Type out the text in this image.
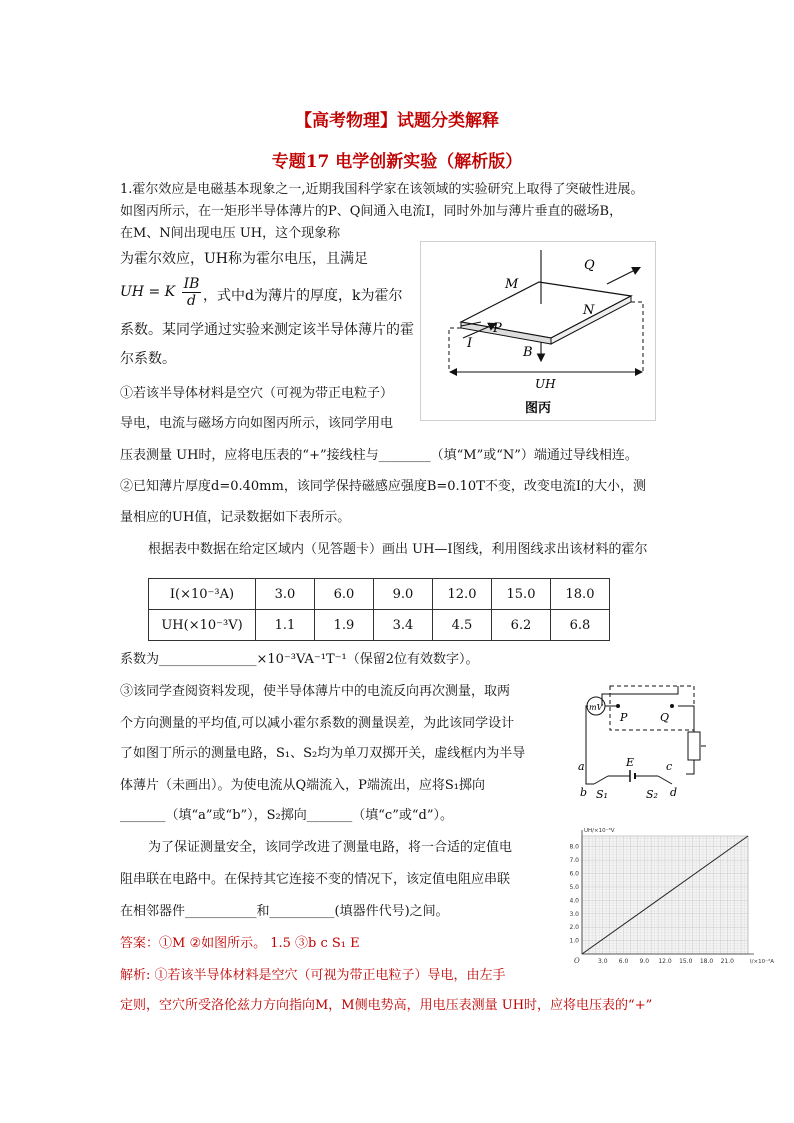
【高考物理】试题分类解释
专题17 电学创新实验（解析版）
1.霍尔效应是电磁基本现象之一,近期我国科学家在该领域的实验研究上取得了突破性进展。
如图丙所示，在一矩形半导体薄片的P、Q间通入电流I，同时外加与薄片垂直的磁场B，
在M、N间出现电压 UH，这个现象称
为霍尔效应，UH称为霍尔电压，且满足
UH = K $\frac{IB}{d}$ ，式中d为薄片的厚度，k为霍尔
系数。某同学通过实验来测定该半导体薄片的霍
尔系数。
①若该半导体材料是空穴（可视为带正电粒子）
导电，电流与磁场方向如图丙所示，该同学用电
压表测量 UH时，应将电压表的“+”接线柱与________（填“M”或“N”）端通过导线相连。
M
N
P
Q
I
B
UH
图丙
②已知薄片厚度d=0.40mm，该同学保持磁感应强度B=0.10T不变，改变电流I的大小，测
量相应的UH值，记录数据如下表所示。
根据表中数据在给定区域内（见答题卡）画出 UH—I图线，利用图线求出该材料的霍尔
I(×10⁻³A)	3.0	6.0	9.0	12.0	15.0	18.0
UH(×10⁻³V)	1.1	1.9	3.4	4.5	6.2	6.8
系数为_______________×10⁻³VA⁻¹T⁻¹（保留2位有效数字）。
③该同学查阅资料发现，使半导体薄片中的电流反向再次测量，取两
个方向测量的平均值,可以减小霍尔系数的测量误差，为此该同学设计
了如图丁所示的测量电路，S₁、S₂均为单刀双掷开关，虚线框内为半导
体薄片（未画出）。为使电流从Q端流入，P端流出，应将S₁掷向
_______（填“a”或“b”），S₂掷向_______（填“c”或“d”）。
mV
P	Q
a
b
c
d
E
S₁	S₂
为了保证测量安全，该同学改进了测量电路，将一合适的定值电
阻串联在电路中。在保持其它连接不变的情况下，该定值电阻应串联
在相邻器件___________和__________(填器件代号)之间。
3.0 6.0 9.0 12.0 15.0 18.0 21.0
1.0
2.0
3.0
4.0
5.0
6.0
7.0
8.0
O	I/×10⁻³A
UH/×10⁻³V
答案：①M ②如图所示。 1.5 ③b c S₁ E
解析: ①若该半导体材料是空穴（可视为带正电粒子）导电，由左手
定则，空穴所受洛伦兹力方向指向M，M侧电势高，用电压表测量 UH时，应将电压表的“+”
